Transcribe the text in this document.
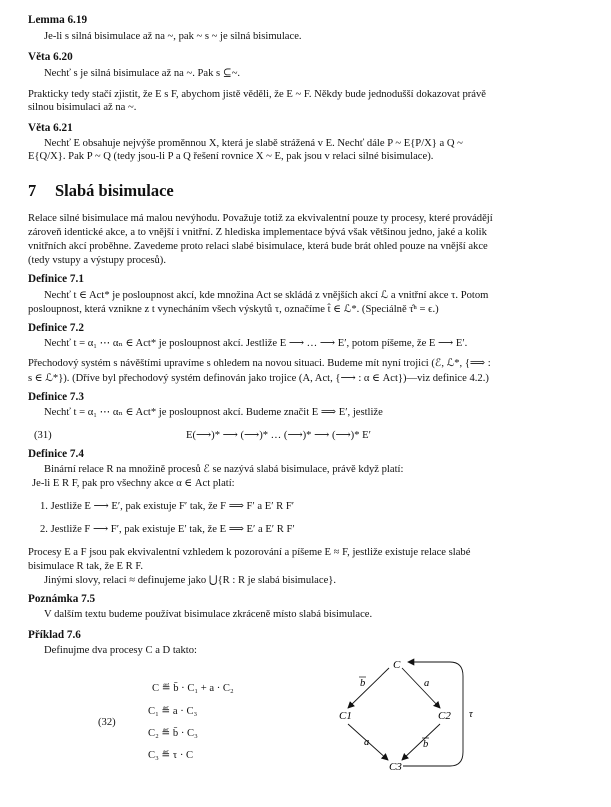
Lemma 6.19
Je-li s silná bisimulace až na ~, pak ~ s ~ je silná bisimulace.
Věta 6.20
Nechť s je silná bisimulace až na ~. Pak s ⊆~.
Prakticky tedy stačí zjistit, že E s F, abychom jistě věděli, že E ~ F. Někdy bude jednodušší dokazovat právě
silnou bisimulaci až na ~.
Věta 6.21
Nechť E obsahuje nejvýše proměnnou X, která je slabě strážená v E. Nechť dále P ~ E{P/X} a Q ~
E{Q/X}. Pak P ~ Q (tedy jsou-li P a Q řešení rovnice X ~ E, pak jsou v relaci silné bisimulace).
7 Slabá bisimulace
Relace silné bisimulace má malou nevýhodu. Považuje totiž za ekvivalentní pouze ty procesy, které provádějí
zároveň identické akce, a to vnější i vnitřní. Z hlediska implementace bývá však většinou jedno, jaké a kolik
vnitřních akcí proběhne. Zavedeme proto relaci slabé bisimulace, která bude brát ohled pouze na vnější akce
(tedy vstupy a výstupy procesů).
Definice 7.1
Nechť t ∈ Act* je posloupnost akcí, kde množina Act se skládá z vnějších akcí ℒ a vnitřní akce τ. Potom
posloupnost, která vznikne z t vynecháním všech výskytů τ, označíme t̂ ∈ ℒ*. (Speciálně τ̂ⁿ = ϵ.)
Definice 7.2
Nechť t = α₁ ⋯ αₙ ∈ Act* je posloupnost akcí. Jestliže E ⟶ … ⟶ E′, potom píšeme, že E ⟶ E′.
Přechodový systém s návěštími upravíme s ohledem na novou situaci. Budeme mít nyní trojici (ℰ, ℒ*, {⟹ :
s ∈ ℒ*}). (Dříve byl přechodový systém definován jako trojice (A, Act, {⟶ : α ∈ Act})—viz definice 4.2.)
Definice 7.3
Nechť t = α₁ ⋯ αₙ ∈ Act* je posloupnost akcí. Budeme značit E ⟹ E′, jestliže
(31)	E(⟶)* ⟶ (⟶)* … (⟶)* ⟶ (⟶)* E′
Definice 7.4
Binární relace R na množině procesů ℰ se nazývá slabá bisimulace, právě když platí:
Je-li E R F, pak pro všechny akce α ∈ Act platí:
1. Jestliže E ⟶ E′, pak existuje F′ tak, že F ⟹ F′ a E′ R F′
2. Jestliže F ⟶ F′, pak existuje E′ tak, že E ⟹ E′ a E′ R F′
Procesy E a F jsou pak ekvivalentní vzhledem k pozorování a píšeme E ≈ F, jestliže existuje relace slabé
bisimulace R tak, že E R F.
Jinými slovy, relaci ≈ definujeme jako ⋃{R : R je slabá bisimulace}.
Poznámka 7.5
V dalším textu budeme používat bisimulace zkráceně místo slabá bisimulace.
Příklad 7.6
Definujme dva procesy C a D takto:
(32)
C ≝ b̄ · C₁ + a · C₂
C₁ ≝ a · C₃
C₂ ≝ b̄ · C₃
C₃ ≝ τ · C
C
C1	C2
C3
b	a
a	b
τ
